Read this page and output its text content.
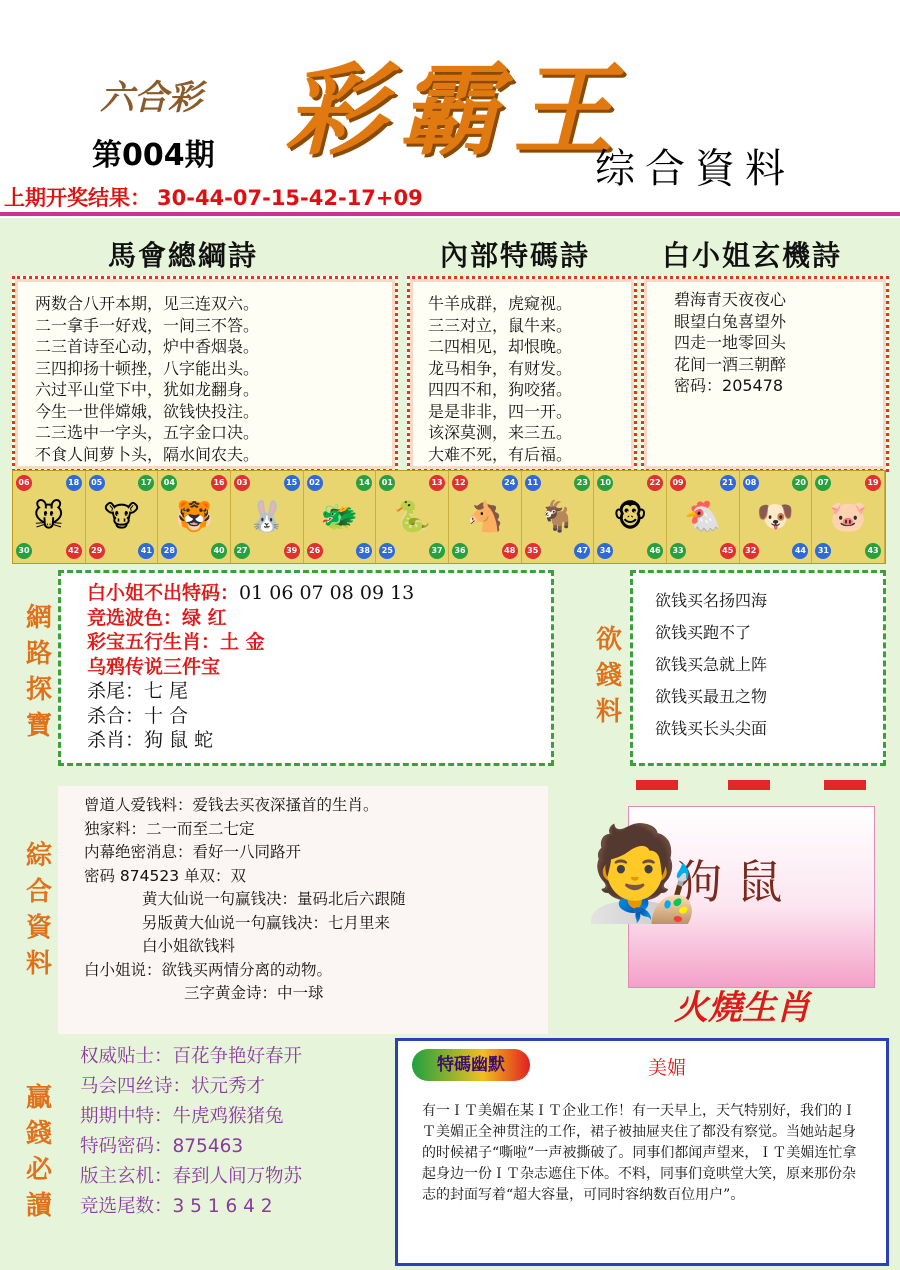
六合彩 彩霸王
第004期	综合資料
上期开奖结果： 30-44-07-15-42-17+09
馬會總綱詩	內部特碼詩	白小姐玄機詩

两数合八开本期，见三连双六。

二一拿手一好戏，一间三不答。

二三首诗至心动，炉中香烟袅。

三四抑扬十顿挫，八字能出头。

六过平山堂下中，犹如龙翻身。

今生一世伴嫦娥，欲钱快投注。

二三选中一字头，五字金口决。

不食人间萝卜头，隔水间农夫。

牛羊成群，虎窥视。

三三对立，鼠牛来。

二四相见，却恨晚。

龙马相争，有财发。

四四不和，狗咬猪。

是是非非，四一开。

该深莫测，来三五。

大难不死，有后福。

碧海青天夜夜心

眼望白兔喜望外

四走一地零回头

花间一酒三朝醉

密码：205478

🐭
06	18
30	42
🐮
05	17
29	41
🐯
04	16
28	40
🐰
03	15
27	39
🐲
02	14
26	38
🐍
01	13
25	37
🐴
12	24
36	48
🐐
11	23
35	47
🐵
10	22
34	46
🐔
09	21
33	45
🐶
08	20
32	44
🐷
07	19
31	43
網路探寶

白小姐不出特码：01 06 07 08 09 13

竞选波色：绿 红

彩宝五行生肖：土 金

乌鸦传说三件宝

杀尾：七 尾

杀合：十 合

杀肖：狗 鼠 蛇

欲錢料

欲钱买名扬四海

欲钱买跑不了

欲钱买急就上阵

欲钱买最丑之物

欲钱买长头尖面

綜合資料

曾道人爱钱料：爱钱去买夜深搔首的生肖。

独家料：二一而至二七定

内幕绝密消息：看好一八同路开

密码 874523 单双：双

黄大仙说一句赢钱决：量码北后六跟随

另版黄大仙说一句赢钱决：七月里来

白小姐欲钱料

白小姐说：欲钱买两情分离的动物。

三字黄金诗：中一球

狗 鼠
🧑‍🎨
火燒生肖
贏錢必讀

权威贴士：百花争艳好春开

马会四丝诗：状元秀才

期期中特：牛虎鸡猴猪兔

特码密码：875463

版主玄机：春到人间万物苏

竞选尾数：3 5 1 6 4 2

特碼幽默	美媚
有一ＩＴ美媚在某ＩＴ企业工作！有一天早上，天气特别好，我们的ＩＴ美媚正全神贯注的工作，裙子被抽屉夹住了都没有察觉。当她站起身的时候裙子“嘶啦”一声被撕破了。同事们都闻声望来，ＩＴ美媚连忙拿起身边一份ＩＴ杂志遮住下体。不料，同事们竟哄堂大笑，原来那份杂志的封面写着“超大容量，可同时容纳数百位用户”。
